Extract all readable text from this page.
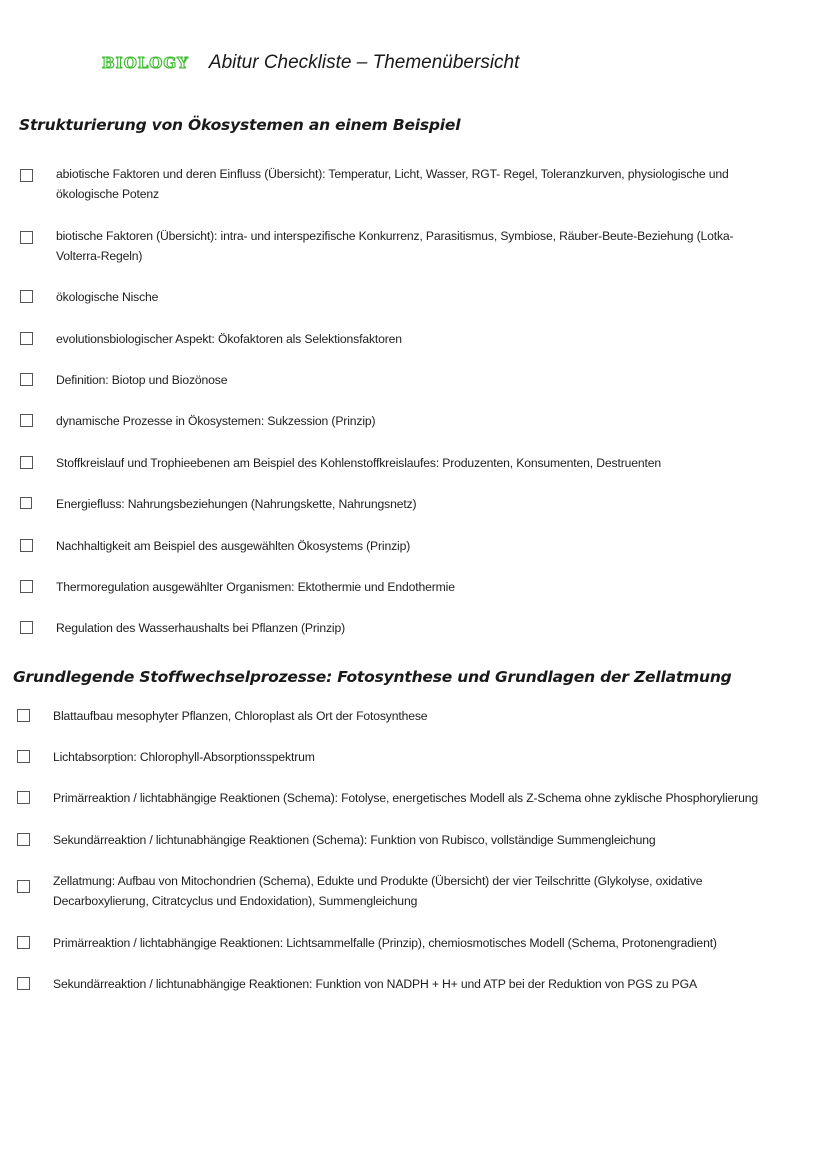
BIOLOGY Abitur Checkliste – Themenübersicht
Strukturierung von Ökosystemen an einem Beispiel
abiotische Faktoren und deren Einfluss (Übersicht): Temperatur, Licht, Wasser, RGT- Regel, Toleranzkurven, physiologische und ökologische Potenz
biotische Faktoren (Übersicht): intra- und interspezifische Konkurrenz, Parasitismus, Symbiose, Räuber-Beute-Beziehung (Lotka-Volterra-Regeln)
ökologische Nische
evolutionsbiologischer Aspekt: Ökofaktoren als Selektionsfaktoren
Definition: Biotop und Biozönose
dynamische Prozesse in Ökosystemen: Sukzession (Prinzip)
Stoffkreislauf und Trophieebenen am Beispiel des Kohlenstoffkreislaufes: Produzenten, Konsumenten, Destruenten
Energiefluss: Nahrungsbeziehungen (Nahrungskette, Nahrungsnetz)
Nachhaltigkeit am Beispiel des ausgewählten Ökosystems (Prinzip)
Thermoregulation ausgewählter Organismen: Ektothermie und Endothermie
Regulation des Wasserhaushalts bei Pflanzen (Prinzip)
Grundlegende Stoffwechselprozesse: Fotosynthese und Grundlagen der Zellatmung
Blattaufbau mesophyter Pflanzen, Chloroplast als Ort der Fotosynthese
Lichtabsorption: Chlorophyll-Absorptionsspektrum
Primärreaktion / lichtabhängige Reaktionen (Schema): Fotolyse, energetisches Modell als Z-Schema ohne zyklische Phosphorylierung
Sekundärreaktion / lichtunabhängige Reaktionen (Schema): Funktion von Rubisco, vollständige Summengleichung
Zellatmung: Aufbau von Mitochondrien (Schema), Edukte und Produkte (Übersicht) der vier Teilschritte (Glykolyse, oxidative Decarboxylierung, Citratcyclus und Endoxidation), Summengleichung
Primärreaktion / lichtabhängige Reaktionen: Lichtsammelfalle (Prinzip), chemiosmotisches Modell (Schema, Protonengradient)
Sekundärreaktion / lichtunabhängige Reaktionen: Funktion von NADPH + H+ und ATP bei der Reduktion von PGS zu PGA
